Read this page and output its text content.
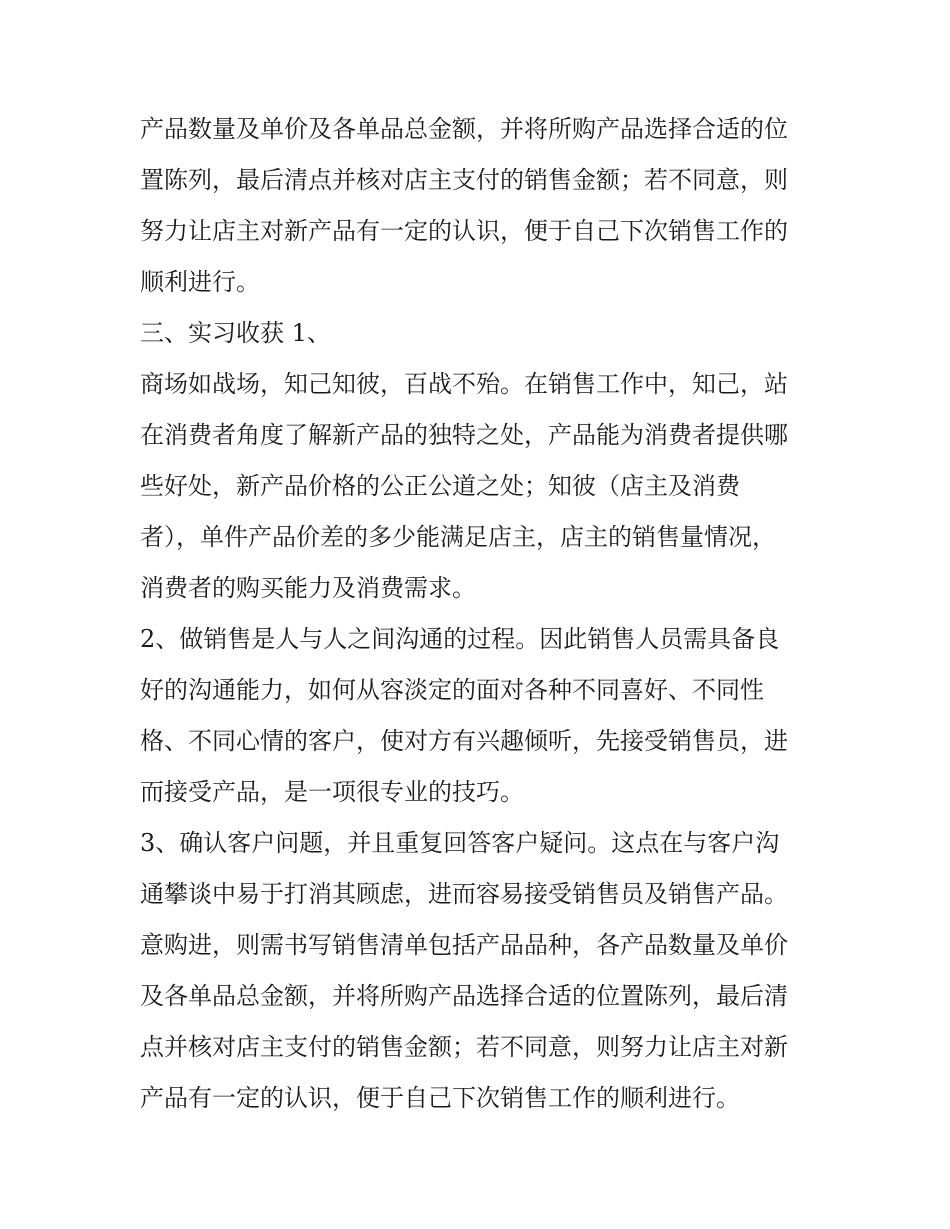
产品数量及单价及各单品总金额，并将所购产品选择合适的位
置陈列，最后清点并核对店主支付的销售金额；若不同意，则
努力让店主对新产品有一定的认识，便于自己下次销售工作的
顺利进行。
三、实习收获 1、
商场如战场，知己知彼，百战不殆。在销售工作中，知己，站
在消费者角度了解新产品的独特之处，产品能为消费者提供哪
些好处，新产品价格的公正公道之处；知彼（店主及消费
者），单件产品价差的多少能满足店主，店主的销售量情况，
消费者的购买能力及消费需求。
2、做销售是人与人之间沟通的过程。因此销售人员需具备良
好的沟通能力，如何从容淡定的面对各种不同喜好、不同性
格、不同心情的客户，使对方有兴趣倾听，先接受销售员，进
而接受产品，是一项很专业的技巧。
3、确认客户问题，并且重复回答客户疑问。这点在与客户沟
通攀谈中易于打消其顾虑，进而容易接受销售员及销售产品。
意购进，则需书写销售清单包括产品品种，各产品数量及单价
及各单品总金额，并将所购产品选择合适的位置陈列，最后清
点并核对店主支付的销售金额；若不同意，则努力让店主对新
产品有一定的认识，便于自己下次销售工作的顺利进行。
